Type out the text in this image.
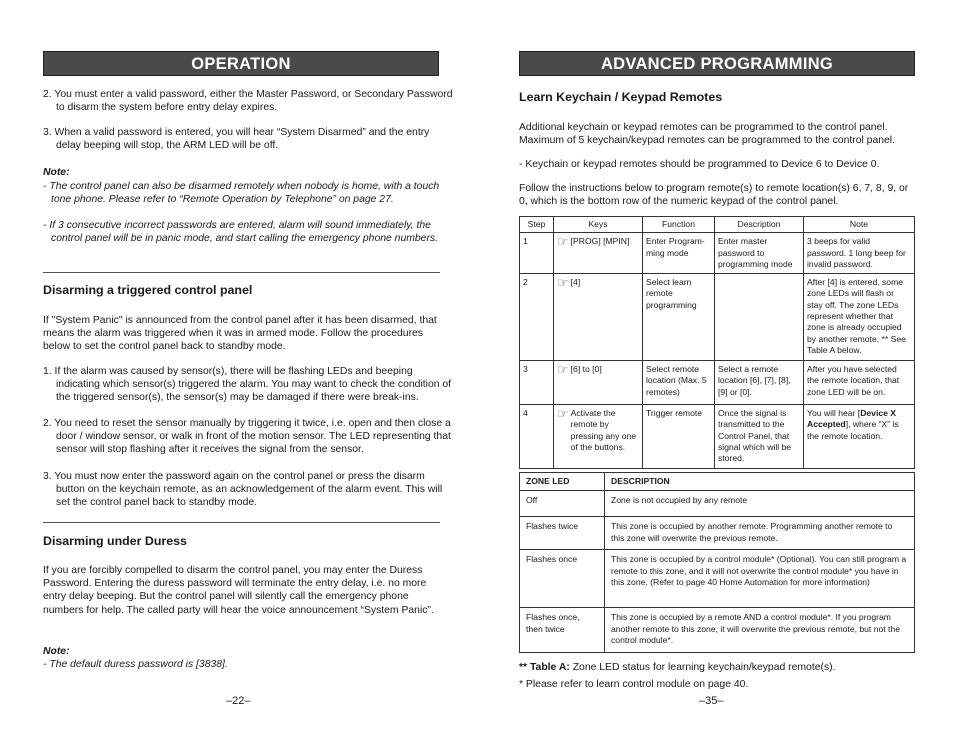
OPERATION
2. You must enter a valid password, either the Master Password, or Secondary Password to disarm the system before entry delay expires.
3. When a valid password is entered, you will hear “System Disarmed” and the entry delay beeping will stop, the ARM LED will be off.
Note:
- The control panel can also be disarmed remotely when nobody is home, with a touch tone phone. Please refer to “Remote Operation by Telephone” on page 27.
- If 3 consecutive incorrect passwords are entered, alarm will sound immediately, the control panel will be in panic mode, and start calling the emergency phone numbers.
Disarming a triggered control panel
If "System Panic" is announced from the control panel after it has been disarmed, that means the alarm was triggered when it was in armed mode. Follow the procedures below to set the control panel back to standby mode.
1. If the alarm was caused by sensor(s), there will be flashing LEDs and beeping indicating which sensor(s) triggered the alarm. You may want to check the condition of the triggered sensor(s), the sensor(s) may be damaged if there were break-ins.
2. You need to reset the sensor manually by triggering it twice, i.e. open and then close a door / window sensor, or walk in front of the motion sensor. The LED representing that sensor will stop flashing after it receives the signal from the sensor.
3. You must now enter the password again on the control panel or press the disarm button on the keychain remote, as an acknowledgement of the alarm event. This will set the control panel back to standby mode.
Disarming under Duress
If you are forcibly compelled to disarm the control panel, you may enter the Duress Password. Entering the duress password will terminate the entry delay, i.e. no more entry delay beeping. But the control panel will silently call the emergency phone numbers for help. The called party will hear the voice announcement “System Panic”.
Note:
- The default duress password is [3838].
–22–
ADVANCED PROGRAMMING
Learn Keychain / Keypad Remotes
Additional keychain or keypad remotes can be programmed to the control panel. Maximum of 5 keychain/keypad remotes can be programmed to the control panel.
- Keychain or keypad remotes should be programmed to Device 6 to Device 0.
Follow the instructions below to program remote(s) to remote location(s) 6, 7, 8, 9, or 0, which is the bottom row of the numeric keypad of the control panel.
Step	Keys	Function	Description	Note
1	☞ [PROG] [MPIN]	Enter Program-ming mode	Enter master password to programming mode	3 beeps for valid password. 1 long beep for invalid password.
2	☞ [4]	Select learn remote programming		After [4] is entered, some zone LEDs will flash or stay off. The zone LEDs represent whether that zone is already occupied by another remote. ** See Table A below.
3	☞ [6] to [0]	Select remote location (Max. 5 remotes)	Select a remote location [6], [7], [8], [9] or [0].	After you have selected the remote location, that zone LED will be on.
4	☞ Activate the remote by pressing any one of the buttons.	Trigger remote	Once the signal is transmitted to the Control Panel, that signal which will be stored.	You will hear [Device X Accepted], where “X” is the remote location.
ZONE LED	DESCRIPTION
Off	Zone is not occupied by any remote
Flashes twice	This zone is occupied by another remote. Programming another remote to this zone will overwrite the previous remote.
Flashes once	This zone is occupied by a control module* (Optional). You can still program a remote to this zone, and it will not overwrite the control module* you have in this zone. (Refer to page 40 Home Automation for more information)
Flashes once, then twice	This zone is occupied by a remote AND a control module*. If you program another remote to this zone, it will overwrite the previous remote, but not the control module*.
** Table A: Zone LED status for learning keychain/keypad remote(s).
* Please refer to learn control module on page 40.
–35–
